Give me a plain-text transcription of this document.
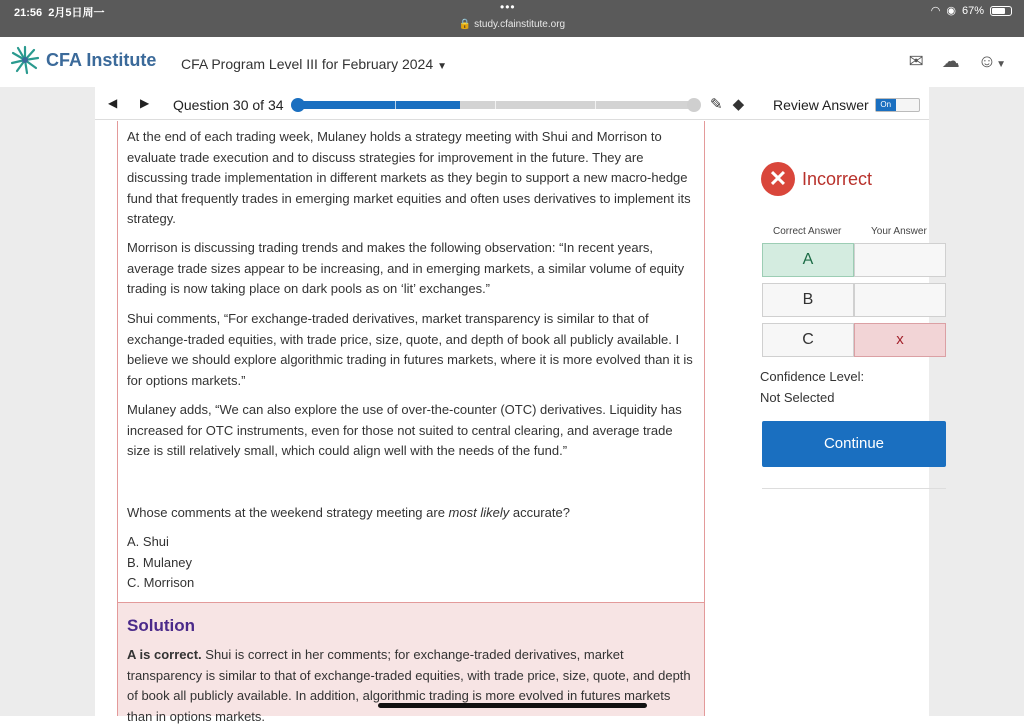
21:56 2月5日周一	•••
🔒 study.cfainstitute.org
◠ ◉ 67%
CFA Institute CFA Program Level III for February 2024 ▼	✉ ☁ ☺▼
◀ ▶ Question 30 of 34	✎ ◆ Review Answer	On

At the end of each trading week, Mulaney holds a strategy meeting with Shui and Morrison to evaluate trade execution and to discuss strategies for improvement in the future. They are discussing trade implementation in different markets as they begin to support a new macro-hedge fund that frequently trades in emerging market equities and often uses derivatives to implement its strategy.

Morrison is discussing trading trends and makes the following observation: “In recent years, average trade sizes appear to be increasing, and in emerging markets, a similar volume of equity trading is now taking place on dark pools as on ‘lit’ exchanges.”

Shui comments, “For exchange-traded derivatives, market transparency is similar to that of exchange-traded equities, with trade price, size, quote, and depth of book all publicly available. I believe we should explore algorithmic trading in futures markets, where it is more evolved than it is for options markets.”

Mulaney adds, “We can also explore the use of over-the-counter (OTC) derivatives. Liquidity has increased for OTC instruments, even for those not suited to central clearing, and average trade size is still relatively small, which could align well with the needs of the fund.”

Whose comments at the weekend strategy meeting are most likely accurate?

A. Shui
B. Mulaney
C. Morrison
Solution

A is correct. Shui is correct in her comments; for exchange-traded derivatives, market transparency is similar to that of exchange-traded equities, with trade price, size, quote, and depth of book all publicly available. In addition, algorithmic trading is more evolved in futures markets than in options markets.

✕ Incorrect
Correct Answer	Your Answer
A
B
C	x
Confidence Level:
Not Selected
Continue
